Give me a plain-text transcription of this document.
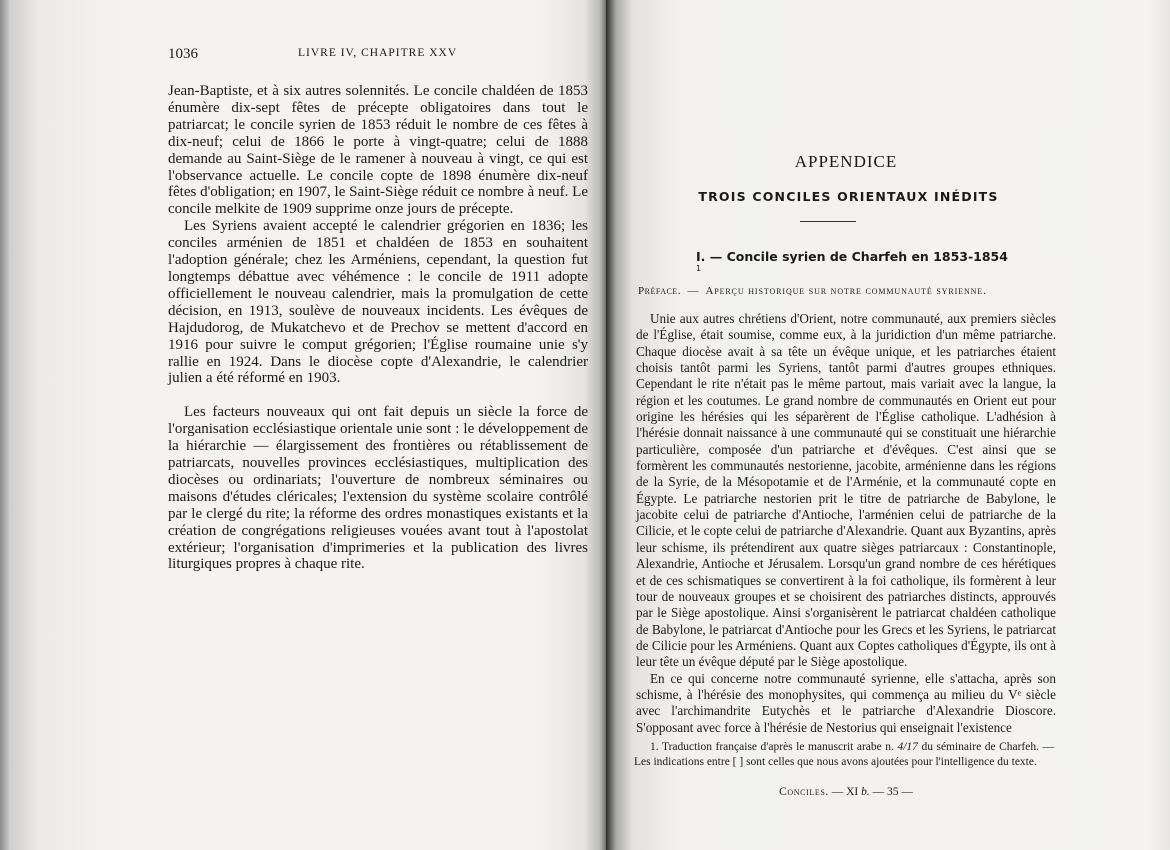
1036	LIVRE IV, CHAPITRE XXV

Jean-Baptiste, et à six autres solennités. Le concile chaldéen de 1853 énumère dix-sept fêtes de précepte obligatoires dans tout le patriarcat; le concile syrien de 1853 réduit le nombre de ces fêtes à dix-neuf; celui de 1866 le porte à vingt-quatre; celui de 1888 demande au Saint-Siège de le ramener à nouveau à vingt, ce qui est l'observance actuelle. Le concile copte de 1898 énumère dix-neuf fêtes d'obligation; en 1907, le Saint-Siège réduit ce nombre à neuf. Le concile melkite de 1909 supprime onze jours de précepte.

Les Syriens avaient accepté le calendrier grégorien en 1836; les conciles arménien de 1851 et chaldéen de 1853 en souhaitent l'adoption générale; chez les Arméniens, cependant, la question fut longtemps débattue avec véhémence : le concile de 1911 adopte officiellement le nouveau calendrier, mais la promulgation de cette décision, en 1913, soulève de nouveaux incidents. Les évêques de Hajdudorog, de Mukatchevo et de Prechov se mettent d'accord en 1916 pour suivre le comput grégorien; l'Église roumaine unie s'y rallie en 1924. Dans le diocèse copte d'Alexandrie, le calendrier julien a été réformé en 1903.

Les facteurs nouveaux qui ont fait depuis un siècle la force de l'organisation ecclésiastique orientale unie sont : le développement de la hiérarchie — élargissement des frontières ou rétablissement de patriarcats, nouvelles provinces ecclésiastiques, multiplication des diocèses ou ordinariats; l'ouverture de nombreux séminaires ou maisons d'études cléricales; l'extension du système scolaire contrôlé par le clergé du rite; la réforme des ordres monastiques existants et la création de congrégations religieuses vouées avant tout à l'apostolat extérieur; l'organisation d'imprimeries et la publication des livres liturgiques propres à chaque rite.

APPENDICE
TROIS CONCILES ORIENTAUX INÉDITS
I. — Concile syrien de Charfeh en 1853-1854 $^1$
Préface. — Aperçu historique sur notre communauté syrienne.

Unie aux autres chrétiens d'Orient, notre communauté, aux premiers siècles de l'Église, était soumise, comme eux, à la juridiction d'un même patriarche. Chaque diocèse avait à sa tête un évêque unique, et les patriarches étaient choisis tantôt parmi les Syriens, tantôt parmi d'autres groupes ethniques. Cependant le rite n'était pas le même partout, mais variait avec la langue, la région et les coutumes. Le grand nombre de communautés en Orient eut pour origine les hérésies qui les séparèrent de l'Église catholique. L'adhésion à l'hérésie donnait naissance à une communauté qui se constituait une hiérarchie particulière, composée d'un patriarche et d'évêques. C'est ainsi que se formèrent les communautés nestorienne, jacobite, arménienne dans les régions de la Syrie, de la Mésopotamie et de l'Arménie, et la communauté copte en Égypte. Le patriarche nestorien prit le titre de patriarche de Babylone, le jacobite celui de patriarche d'Antioche, l'arménien celui de patriarche de la Cilicie, et le copte celui de patriarche d'Alexandrie. Quant aux Byzantins, après leur schisme, ils prétendirent aux quatre sièges patriarcaux : Constantinople, Alexandrie, Antioche et Jérusalem. Lorsqu'un grand nombre de ces hérétiques et de ces schismatiques se convertirent à la foi catholique, ils formèrent à leur tour de nouveaux groupes et se choisirent des patriarches distincts, approuvés par le Siège apostolique. Ainsi s'organisèrent le patriarcat chaldéen catholique de Babylone, le patriarcat d'Antioche pour les Grecs et les Syriens, le patriarcat de Cilicie pour les Arméniens. Quant aux Coptes catholiques d'Égypte, ils ont à leur tête un évêque député par le Siège apostolique.

En ce qui concerne notre communauté syrienne, elle s'attacha, après son schisme, à l'hérésie des monophysites, qui commença au milieu du Vᵉ siècle avec l'archimandrite Eutychès et le patriarche d'Alexandrie Dioscore. S'opposant avec force à l'hérésie de Nestorius qui enseignait l'existence

1. Traduction française d'après le manuscrit arabe n. 4/17 du séminaire de Charfeh. — Les indications entre [ ] sont celles que nous avons ajoutées pour l'intelligence du texte.

Conciles. — XI b. — 35 —
